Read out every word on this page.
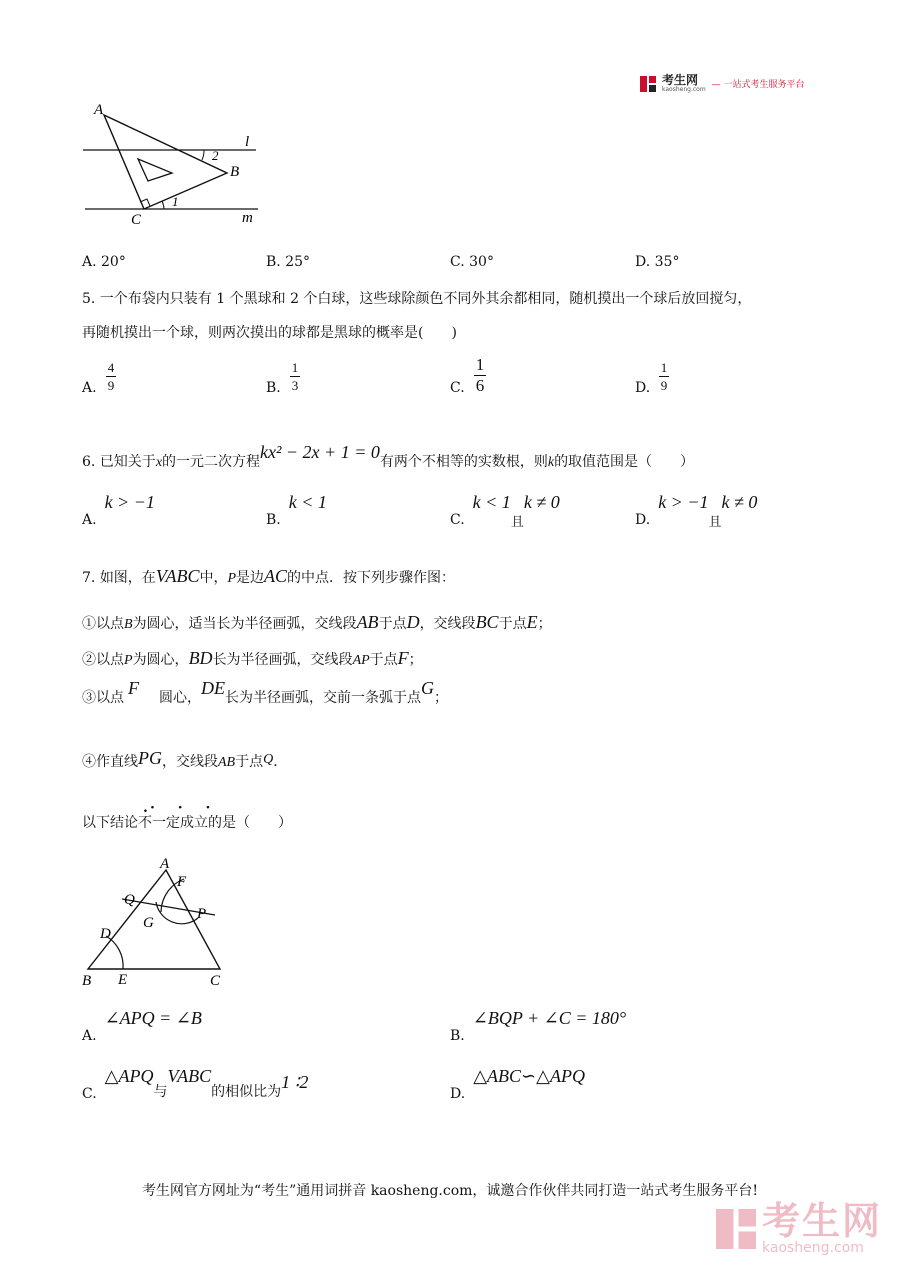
考生网
kaosheng.com — 一站式考生服务平台
A
B
C
l
m
1
2
A. 20°	B. 25°	C. 30°	D. 35°
5. 一个布袋内只装有 1 个黑球和 2 个白球，这些球除颜色不同外其余都相同，随机摸出一个球后放回搅匀，
再随机摸出一个球，则两次摸出的球都是黑球的概率是(　　)
A.
4
9	B.
1
3	C.
1
6	D.
1
9
6. 已知关于x的一元二次方程kx² − 2x + 1 = 0有两个不相等的实数根，则k的取值范围是（　　）
A.k > −1
B.k < 1
C.k < 1且k ≠ 0
D.k > −1且k ≠ 0
7. 如图，在VABC中，P是边AC的中点．按下列步骤作图：
①以点B为圆心，适当长为半径画弧，交线段AB于点D，交线段BC于点E；
②以点P为圆心，BD长为半径画弧，交线段AP于点F；
③以点 F 圆心，DE长为半径画弧，交前一条弧于点G；
④作直线PG，交线段AB于点Q．
以下结论不一定成立的是（　　）
· · ·
A
B	C
D
E
F
G
P
Q
A.∠APQ = ∠B
B.∠BQP + ∠C = 180°
C.△APQ与VABC的相似比为1 ∶2
D.△ABC∽△APQ
考生网官方网址为“考生”通用词拼音 kaosheng.com，诚邀合作伙伴共同打造一站式考生服务平台!
考生网
kaosheng.com
